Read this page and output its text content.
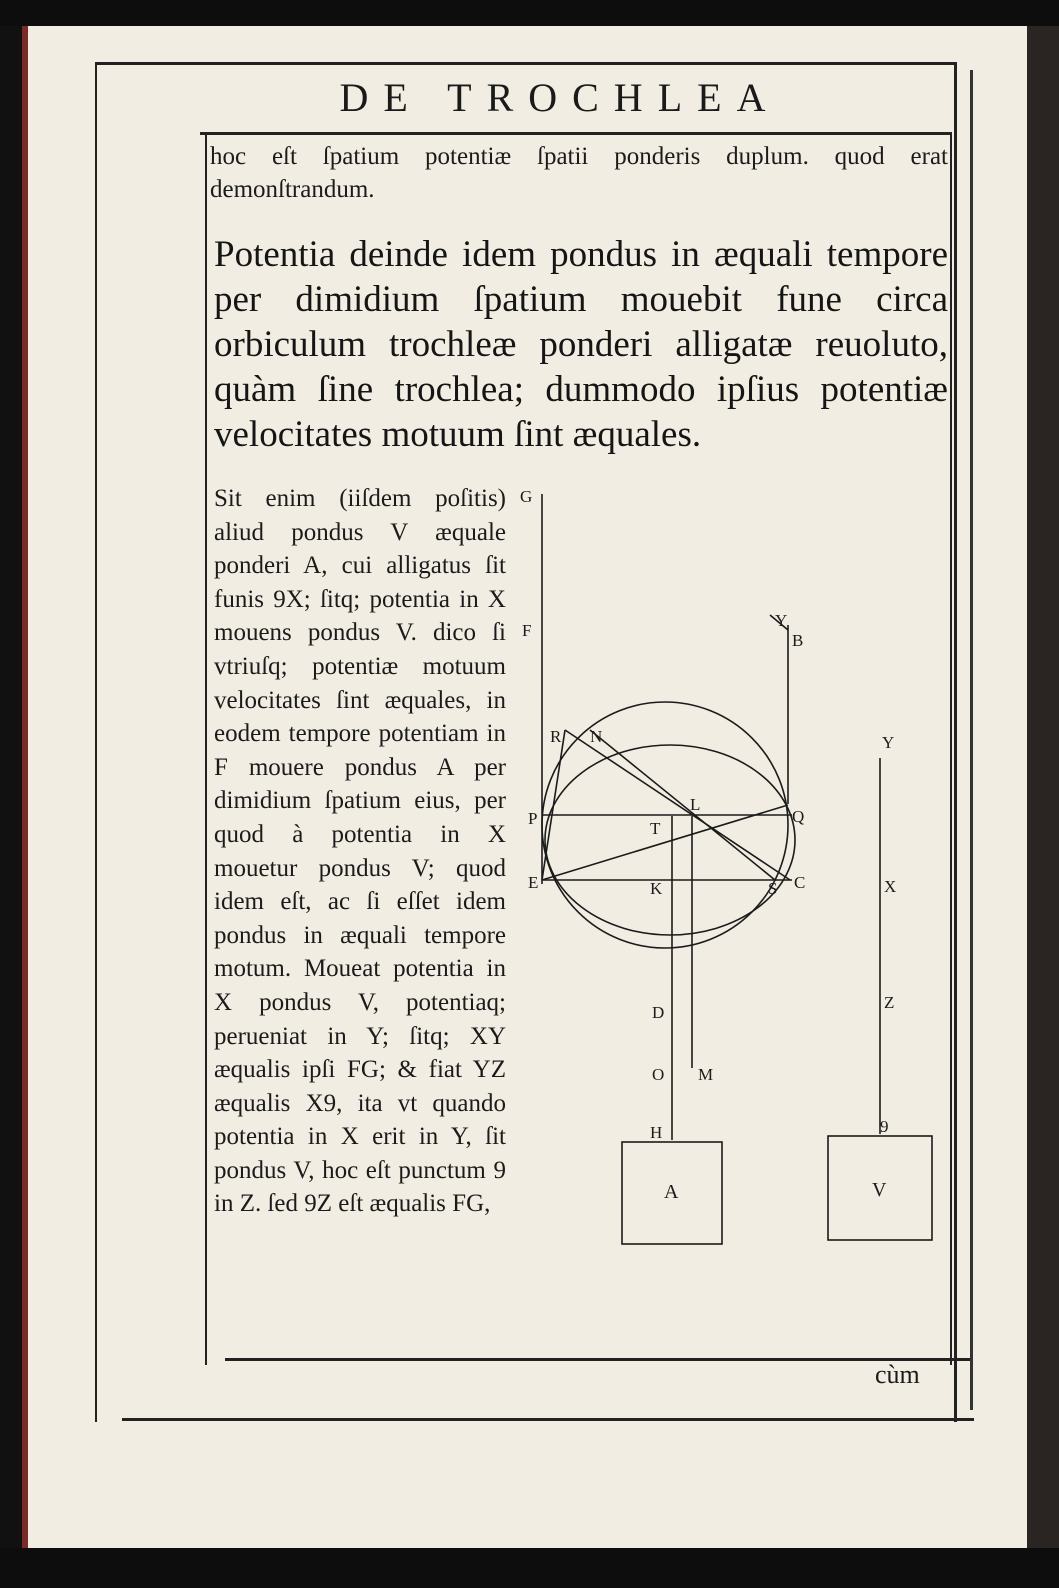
DE TROCHLEA
hoc eſt ſpatium potentiæ ſpatii ponderis duplum. quod erat demonſtrandum.
Potentia deinde idem pondus in æquali tempore per dimidium ſpatium mouebit fune circa orbiculum trochleæ ponderi alligatæ reuoluto, quàm ſine trochlea; dummodo ipſius potentiæ velocitates motuum ſint æquales.
Sit enim (iiſdem poſitis) aliud pondus V æquale ponderi A, cui alligatus ſit funis 9X; ſitq; potentia in X mouens pondus V. dico ſi vtriuſq; potentiæ motuum velocitates ſint æquales, in eodem tempore potentiam in F mouere pondus A per dimidium ſpatium eius, per quod à potentia in X mouetur pondus V; quod idem eſt, ac ſi eſſet idem pondus in æquali tempore motum. Moueat potentia in X pondus V, potentiaq; perueniat in Y; ſitq; XY æqualis ipſi FG; & fiat YZ æqualis X9, ita vt quando potentia in X erit in Y, ſit pondus V, hoc eſt punctum 9 in Z. ſed 9Z eſt æqualis FG,
G
F
Y
B
Y
R N
L
P
T
Q
E	K	S C	X
D
Z
O M
H	9
A	V
cùm
